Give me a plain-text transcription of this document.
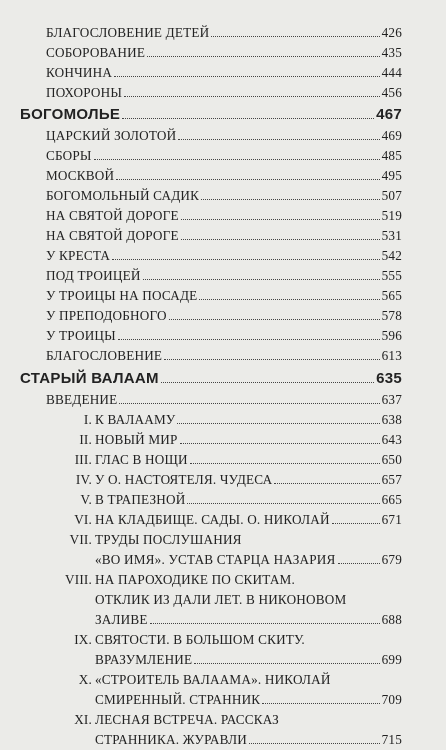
БЛАГОСЛОВЕНИЕ ДЕТЕЙ	426
СОБОРОВАНИЕ	435
КОНЧИНА	444
ПОХОРОНЫ	456
БОГОМОЛЬЕ	467
ЦАРСКИЙ ЗОЛОТОЙ	469
СБОРЫ	485
МОСКВОЙ	495
БОГОМОЛЬНЫЙ САДИК	507
НА СВЯТОЙ ДОРОГЕ	519
НА СВЯТОЙ ДОРОГЕ	531
У КРЕСТА	542
ПОД ТРОИЦЕЙ	555
У ТРОИЦЫ НА ПОСАДЕ	565
У ПРЕПОДОБНОГО	578
У ТРОИЦЫ	596
БЛАГОСЛОВЕНИЕ	613
СТАРЫЙ ВАЛААМ	635
ВВЕДЕНИЕ	637
I. К ВАЛААМУ	638
II. НОВЫЙ МИР	643
III. ГЛАС В НОЩИ	650
IV. У О. НАСТОЯТЕЛЯ. ЧУДЕСА	657
V. В ТРАПЕЗНОЙ	665
VI. НА КЛАДБИЩЕ. САДЫ. О. НИКОЛАЙ	671
VII. ТРУДЫ ПОСЛУШАНИЯ
«ВО ИМЯ». УСТАВ СТАРЦА НАЗАРИЯ	679
VIII. НА ПАРОХОДИКЕ ПО СКИТАМ.
ОТКЛИК ИЗ ДАЛИ ЛЕТ. В НИКОНОВОМ
ЗАЛИВЕ	688
IX. СВЯТОСТИ. В БОЛЬШОМ СКИТУ.
ВРАЗУМЛЕНИЕ	699
X. «СТРОИТЕЛЬ ВАЛААМА». НИКОЛАЙ
СМИРЕННЫЙ. СТРАННИК	709
XI. ЛЕСНАЯ ВСТРЕЧА. РАССКАЗ
СТРАННИКА. ЖУРАВЛИ	715
